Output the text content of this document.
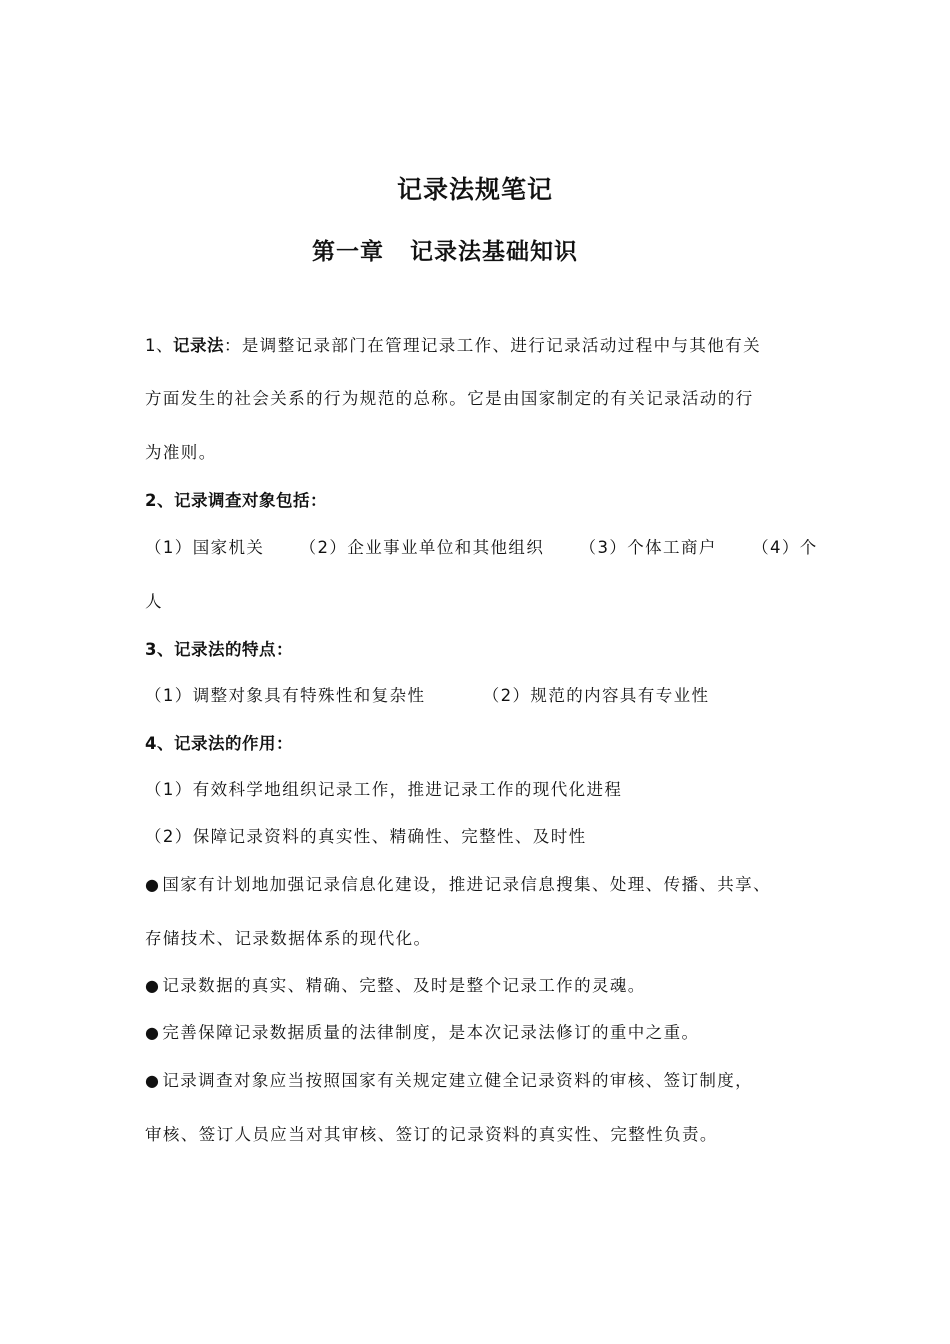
记录法规笔记
第一章 记录法基础知识
1、记录法：是调整记录部门在管理记录工作、进行记录活动过程中与其他有关
方面发生的社会关系的行为规范的总称。它是由国家制定的有关记录活动的行
为准则。
2、记录调查对象包括：
（1）国家机关 （2）企业事业单位和其他组织 （3）个体工商户 （4）个
人
3、记录法的特点：
（1）调整对象具有特殊性和复杂性	（2）规范的内容具有专业性
4、记录法的作用：
（1）有效科学地组织记录工作，推进记录工作的现代化进程
（2）保障记录资料的真实性、精确性、完整性、及时性
● 国家有计划地加强记录信息化建设，推进记录信息搜集、处理、传播、共享、
存储技术、记录数据体系的现代化。
● 记录数据的真实、精确、完整、及时是整个记录工作的灵魂。
● 完善保障记录数据质量的法律制度，是本次记录法修订的重中之重。
● 记录调查对象应当按照国家有关规定建立健全记录资料的审核、签订制度，
审核、签订人员应当对其审核、签订的记录资料的真实性、完整性负责。
